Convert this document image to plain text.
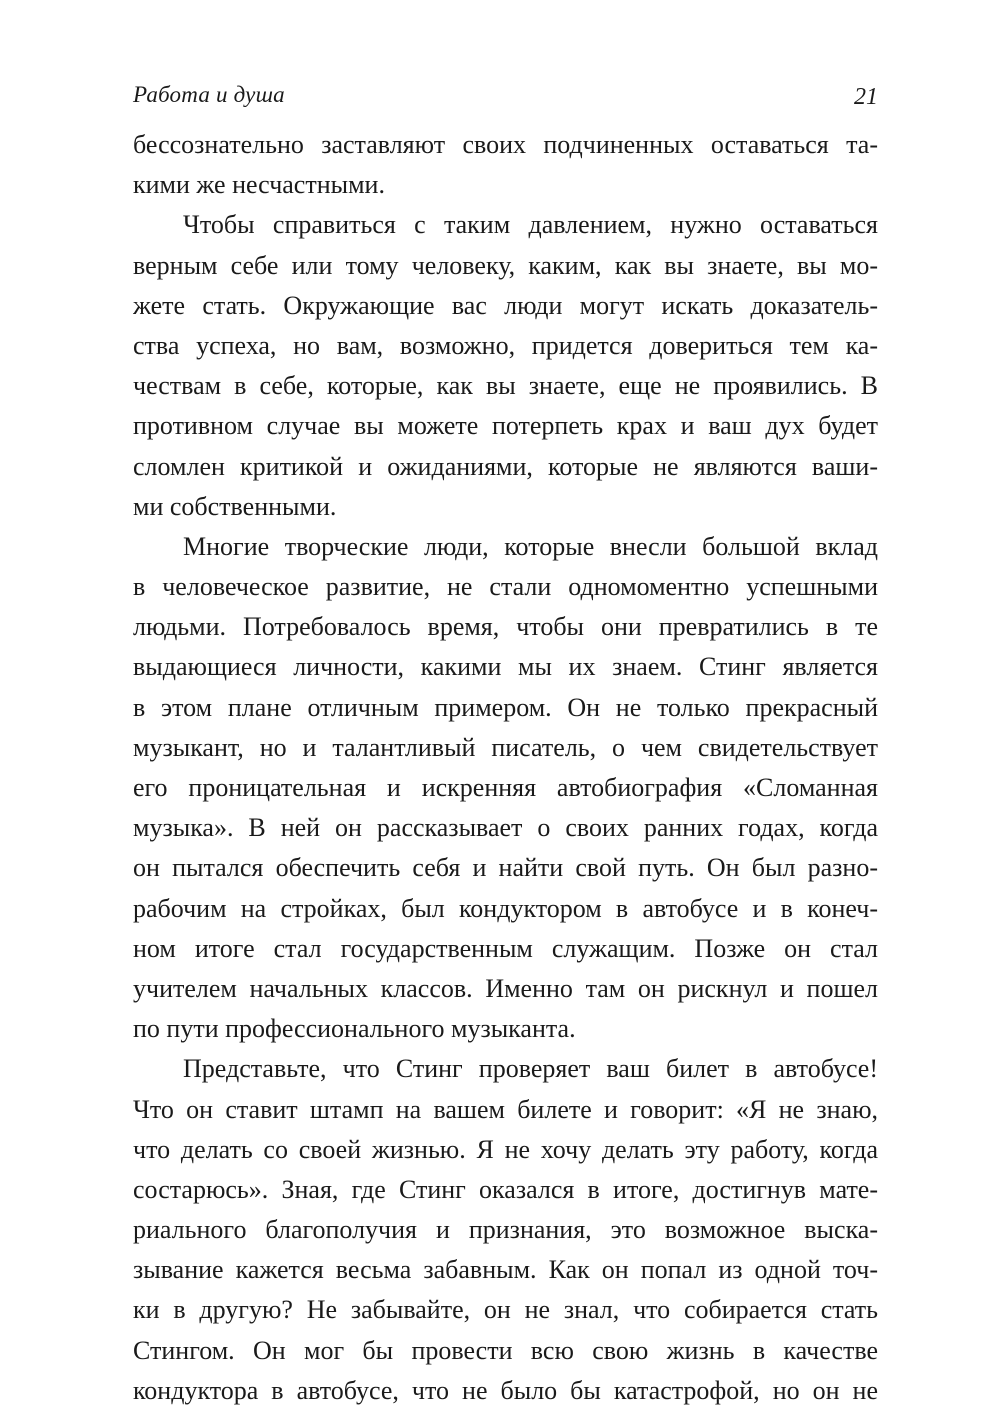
Работа и душа	21
бессознательно заставляют своих подчиненных оставаться та-
кими же несчастными.
Чтобы справиться с таким давлением, нужно оставаться
верным себе или тому человеку, каким, как вы знаете, вы мо-
жете стать. Окружающие вас люди могут искать доказатель-
ства успеха, но вам, возможно, придется довериться тем ка-
чествам в себе, которые, как вы знаете, еще не проявились. В
противном случае вы можете потерпеть крах и ваш дух будет
сломлен критикой и ожиданиями, которые не являются ваши-
ми собственными.
Многие творческие люди, которые внесли большой вклад
в человеческое развитие, не стали одномоментно успешными
людьми. Потребовалось время, чтобы они превратились в те
выдающиеся личности, какими мы их знаем. Стинг является
в этом плане отличным примером. Он не только прекрасный
музыкант, но и талантливый писатель, о чем свидетельствует
его проницательная и искренняя автобиография «Сломанная
музыка». В ней он рассказывает о своих ранних годах, когда
он пытался обеспечить себя и найти свой путь. Он был разно-
рабочим на стройках, был кондуктором в автобусе и в конеч-
ном итоге стал государственным служащим. Позже он стал
учителем начальных классов. Именно там он рискнул и пошел
по пути профессионального музыканта.
Представьте, что Стинг проверяет ваш билет в автобусе!
Что он ставит штамп на вашем билете и говорит: «Я не знаю,
что делать со своей жизнью. Я не хочу делать эту работу, когда
состарюсь». Зная, где Стинг оказался в итоге, достигнув мате-
риального благополучия и признания, это возможное выска-
зывание кажется весьма забавным. Как он попал из одной точ-
ки в другую? Не забывайте, он не знал, что собирается стать
Стингом. Он мог бы провести всю свою жизнь в качестве
кондуктора в автобусе, что не было бы катастрофой, но он не
